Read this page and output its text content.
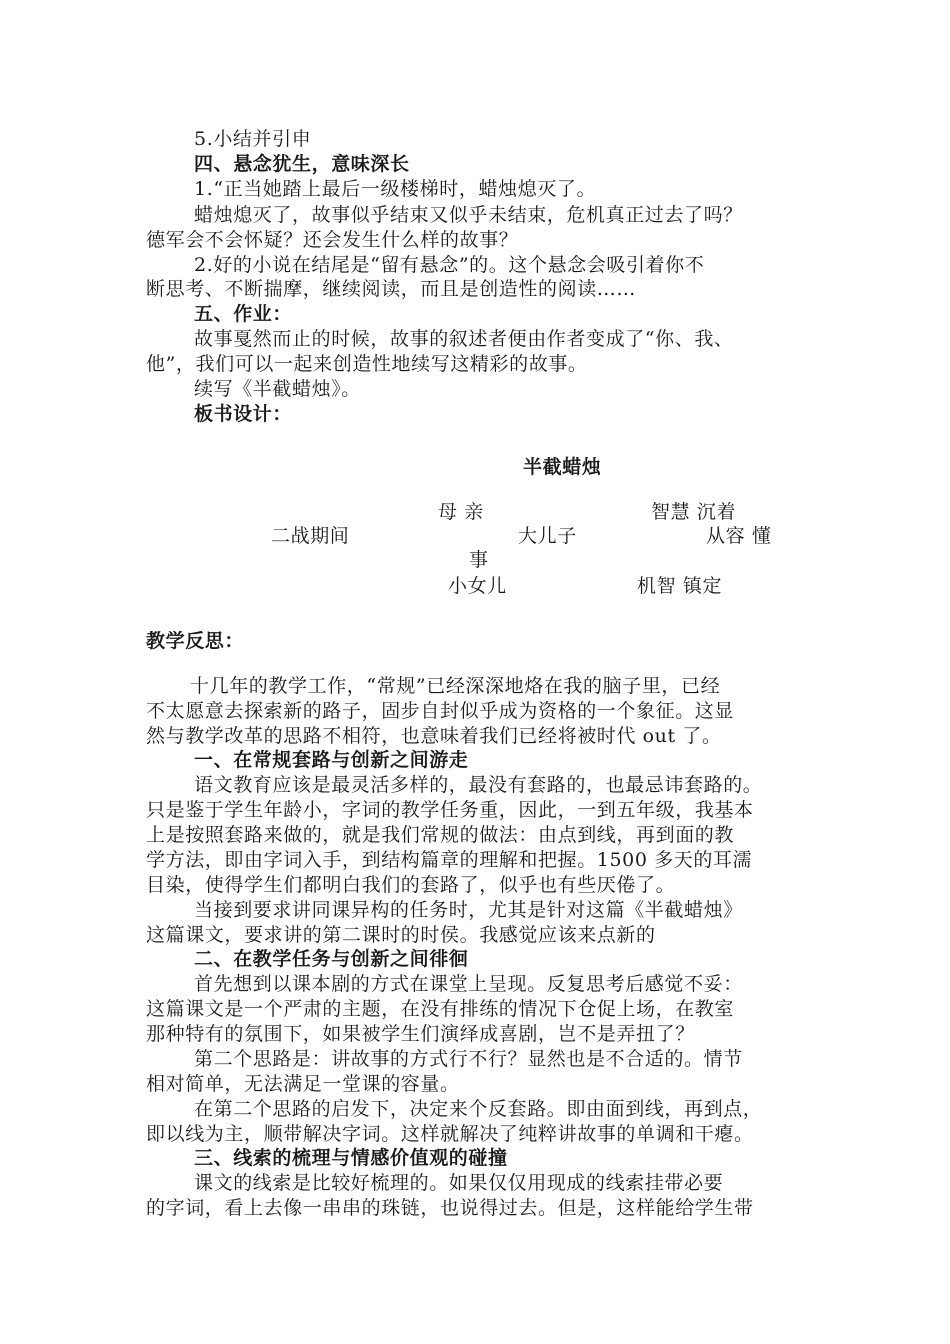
5.小结并引申
四、悬念犹生，意味深长
1.“正当她踏上最后一级楼梯时，蜡烛熄灭了。
蜡烛熄灭了，故事似乎结束又似乎未结束，危机真正过去了吗？
德军会不会怀疑？还会发生什么样的故事？
2.好的小说在结尾是“留有悬念”的。这个悬念会吸引着你不
断思考、不断揣摩，继续阅读，而且是创造性的阅读……
五、作业：
故事戛然而止的时候，故事的叙述者便由作者变成了“你、我、
他”，我们可以一起来创造性地续写这精彩的故事。
续写《半截蜡烛》。
板书设计：
半截蜡烛
母 亲	智慧 沉着
二战期间	大儿子	从容 懂
事
小女儿	机智 镇定
教学反思：
十几年的教学工作，“常规”已经深深地烙在我的脑子里，已经
不太愿意去探索新的路子，固步自封似乎成为资格的一个象征。这显
然与教学改革的思路不相符，也意味着我们已经将被时代 out 了。
一、在常规套路与创新之间游走
语文教育应该是最灵活多样的，最没有套路的，也最忌讳套路的。
只是鉴于学生年龄小，字词的教学任务重，因此，一到五年级，我基本
上是按照套路来做的，就是我们常规的做法：由点到线，再到面的教
学方法，即由字词入手，到结构篇章的理解和把握。1500 多天的耳濡
目染，使得学生们都明白我们的套路了，似乎也有些厌倦了。
当接到要求讲同课异构的任务时，尤其是针对这篇《半截蜡烛》
这篇课文，要求讲的第二课时的时侯。我感觉应该来点新的
二、在教学任务与创新之间徘徊
首先想到以课本剧的方式在课堂上呈现。反复思考后感觉不妥：
这篇课文是一个严肃的主题，在没有排练的情况下仓促上场，在教室
那种特有的氛围下，如果被学生们演绎成喜剧，岂不是弄扭了？
第二个思路是：讲故事的方式行不行？显然也是不合适的。情节
相对简单，无法满足一堂课的容量。
在第二个思路的启发下，决定来个反套路。即由面到线，再到点，
即以线为主，顺带解决字词。这样就解决了纯粹讲故事的单调和干瘪。
三、线索的梳理与情感价值观的碰撞
课文的线索是比较好梳理的。如果仅仅用现成的线索挂带必要
的字词，看上去像一串串的珠链，也说得过去。但是，这样能给学生带
